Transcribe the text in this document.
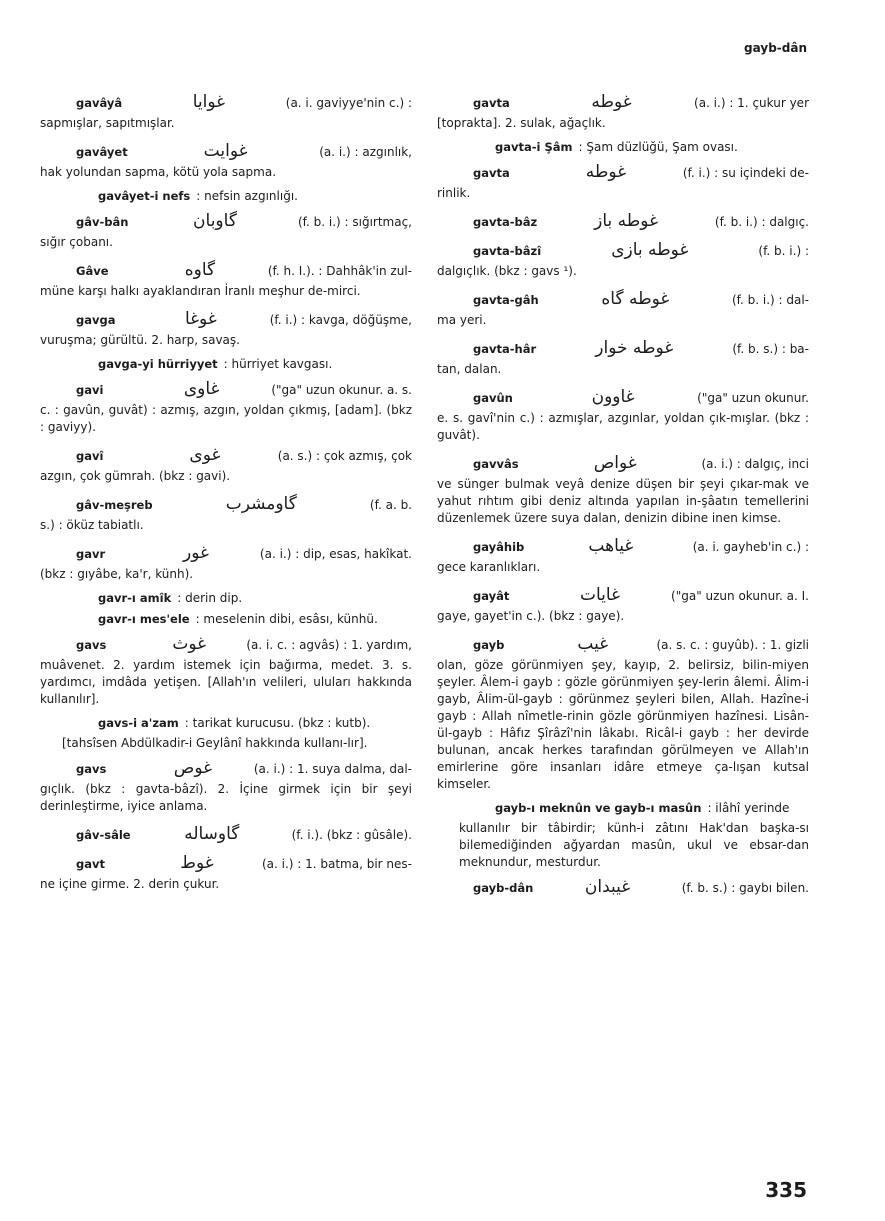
gayb-dân
gavâyâ	غوايا	(a. i. gaviyye'nin c.) :
sapmışlar, sapıtmışlar.
gavâyet	غوايت	(a. i.) : azgınlık,
hak yolundan sapma, kötü yola sapma.
gavâyet-i nefs : nefsin azgınlığı.
gâv-bân	گاوبان	(f. b. i.) : sığırtmaç,
sığır çobanı.
Gâve	گاوه	(f. h. I.). : Dahhâk'in zul-
müne karşı halkı ayaklandıran İranlı meşhur de-mirci.
gavga	غوغا	(f. i.) : kavga, döğüşme,
vuruşma; gürültü. 2. harp, savaş.
gavga-yi hürriyyet : hürriyet kavgası.
gavi	غاوى	("ga" uzun okunur. a. s.
c. : gavûn, guvât) : azmış, azgın, yoldan çıkmış, [adam]. (bkz : gaviyy).
gavî	غوى	(a. s.) : çok azmış, çok
azgın, çok gümrah. (bkz : gavi).
gâv-meşreb	گاومشرب	(f. a. b.
s.) : öküz tabiatlı.
gavr	غور	(a. i.) : dip, esas, hakîkat.
(bkz : gıyâbe, ka'r, künh).
gavr-ı amîk : derin dip.
gavr-ı mes'ele : meselenin dibi, esâsı, künhü.
gavs	غوث	(a. i. c. : agvâs) : 1. yardım,
muâvenet. 2. yardım istemek için bağırma, medet. 3. s. yardımcı, imdâda yetişen. [Allah'ın velileri, uluları hakkında kullanılır].
gavs-i a'zam : tarikat kurucusu. (bkz : kutb).
[tahsîsen Abdülkadir-i Geylânî hakkında kullanı-lır].
gavs	غوص	(a. i.) : 1. suya dalma, dal-
gıçlık. (bkz : gavta-bâzî). 2. İçine girmek için bir şeyi derinleştirme, iyice anlama.
gâv-sâle	گاوساله	(f. i.). (bkz : gûsâle).
gavt	غوط	(a. i.) : 1. batma, bir nes-
ne içine girme. 2. derin çukur.
gavta	غوطه	(a. i.) : 1. çukur yer
[toprakta]. 2. sulak, ağaçlık.
gavta-i Şâm : Şam düzlüğü, Şam ovası.
gavta	غوطه	(f. i.) : su içindeki de-
rinlik.
gavta-bâz	غوطه باز	(f. b. i.) : dalgıç.
gavta-bâzî	غوطه بازى	(f. b. i.) :
dalgıçlık. (bkz : gavs ¹).
gavta-gâh	غوطه گاه	(f. b. i.) : dal-
ma yeri.
gavta-hâr	غوطه خوار	(f. b. s.) : ba-
tan, dalan.
gavûn	غاوون	("ga" uzun okunur.
e. s. gavî'nin c.) : azmışlar, azgınlar, yoldan çık-mışlar. (bkz : guvât).
gavvâs	غواص	(a. i.) : dalgıç, inci
ve sünger bulmak veyâ denize düşen bir şeyi çıkar-mak ve yahut rıhtım gibi deniz altında yapılan in-şâatın temellerini düzenlemek üzere suya dalan, denizin dibine inen kimse.
gayâhib	غياهب	(a. i. gayheb'in c.) :
gece karanlıkları.
gayât	غايات	("ga" uzun okunur. a. I.
gaye, gayet'in c.). (bkz : gaye).
gayb	غيب	(a. s. c. : guyûb). : 1. gizli
olan, göze görünmiyen şey, kayıp, 2. belirsiz, bilin-miyen şeyler. Âlem-i gayb : gözle görünmiyen şey-lerin âlemi. Âlim-i gayb, Âlim-ül-gayb : görünmez şeyleri bilen, Allah. Hazîne-i gayb : Allah nîmetle-rinin gözle görünmiyen hazînesi. Lisân-ül-gayb : Hâfız Şîrâzî'nin lâkabı. Ricâl-i gayb : her devirde bulunan, ancak herkes tarafından görülmeyen ve Allah'ın emirlerine göre insanları idâre etmeye ça-lışan kutsal kimseler.
gayb-ı meknûn ve gayb-ı masûn : ilâhî yerinde
kullanılır bir tâbirdir; künh-i zâtını Hak'dan başka-sı bilemediğinden ağyardan masûn, ukul ve ebsar-dan meknundur, mesturdur.
gayb-dân	غيبدان	(f. b. s.) : gaybı bilen.
335
